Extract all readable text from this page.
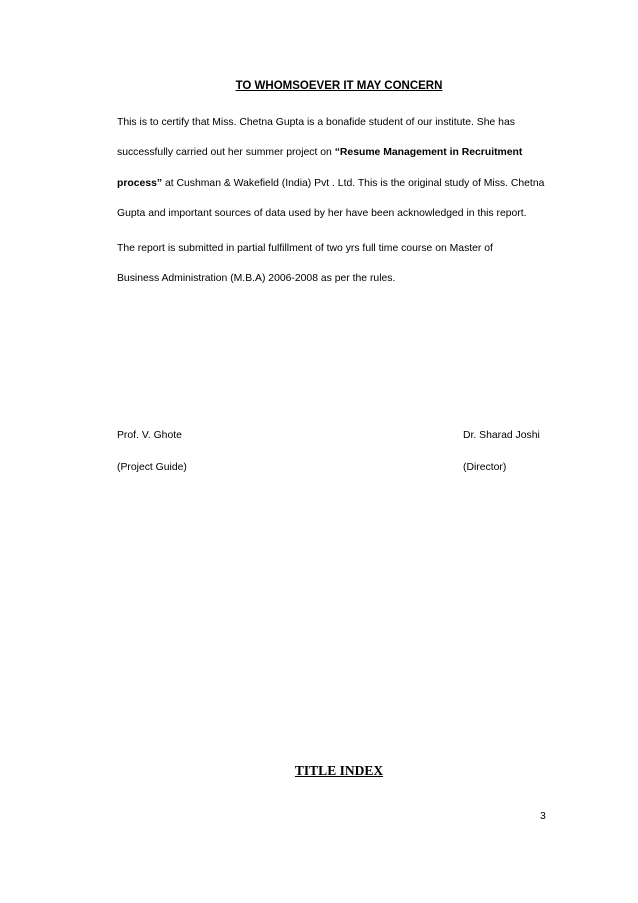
TO WHOMSOEVER IT MAY CONCERN
This is to certify that Miss. Chetna Gupta is a bonafide student of our institute. She has
successfully carried out her summer project on “Resume Management in Recruitment
process” at Cushman & Wakefield (India) Pvt . Ltd. This is the original study of Miss. Chetna
Gupta and important sources of data used by her have been acknowledged in this report.
The report is submitted in partial fulfillment of two yrs full time course on Master of
Business Administration (M.B.A) 2006-2008 as per the rules.
Prof. V. Ghote
(Project Guide)
Dr. Sharad Joshi
(Director)
TITLE INDEX
3
